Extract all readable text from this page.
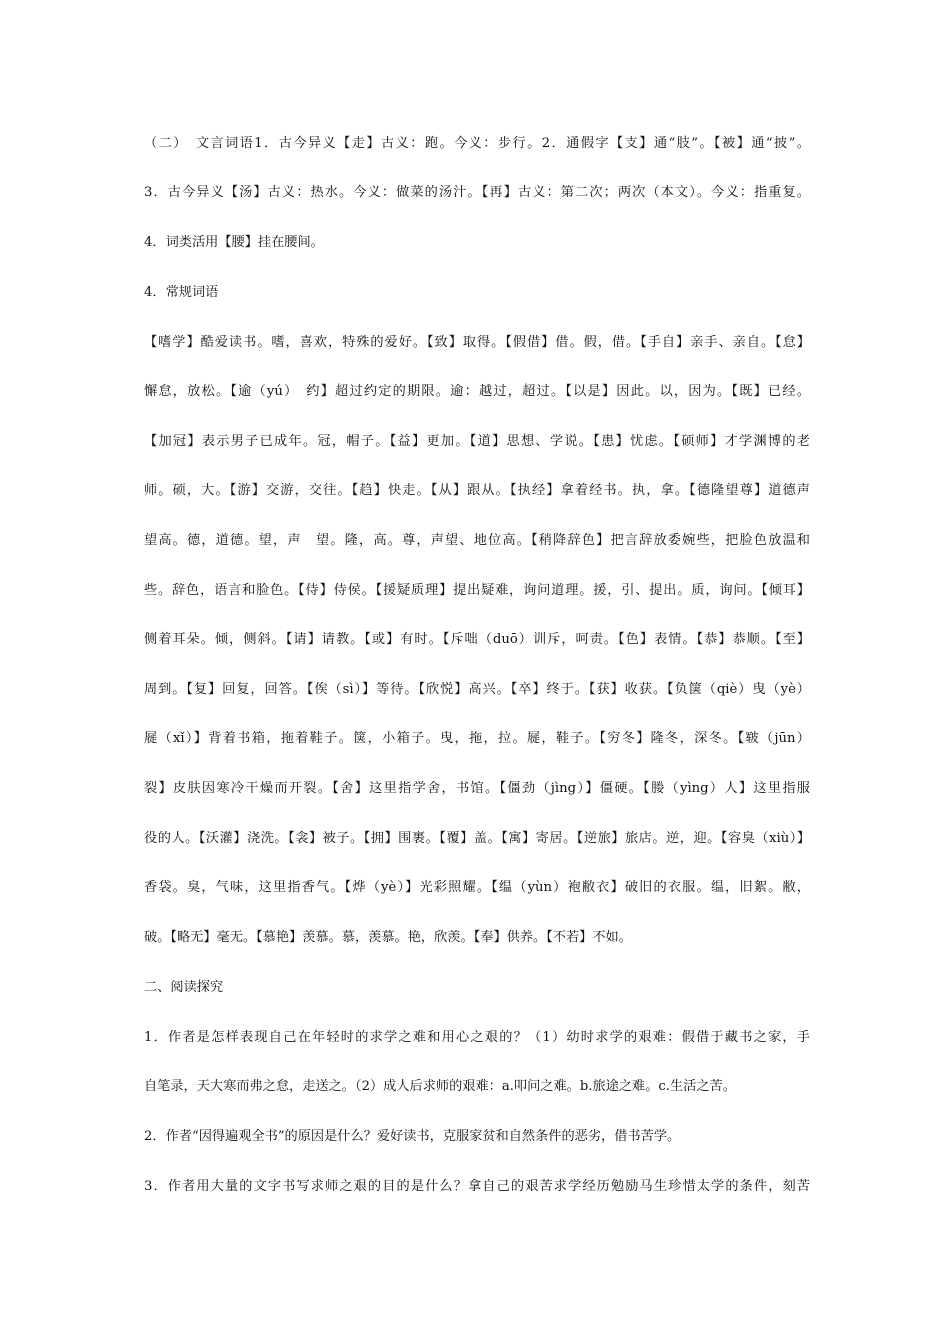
（二）　文言词语1．古今异义【走】古义：跑。今义：步行。2．通假字【支】通“肢”。【被】通“披”。
3．古今异义【汤】古义：热水。今义：做菜的汤汁。【再】古义：第二次；两次（本文）。今义：指重复。
4．词类活用【腰】挂在腰间。
4．常规词语
【嗜学】酷爱读书。嗜，喜欢，特殊的爱好。【致】取得。【假借】借。假，借。【手自】亲手、亲自。【怠】
懈怠，放松。【逾（yú）　约】超过约定的期限。逾：越过，超过。【以是】因此。以，因为。【既】已经。
【加冠】表示男子已成年。冠，帽子。【益】更加。【道】思想、学说。【患】忧虑。【硕师】才学渊博的老
师。硕，大。【游】交游，交往。【趋】快走。【从】跟从。【执经】拿着经书。执，拿。【德隆望尊】道德声
望高。德，道德。望，声　望。隆，高。尊，声望、地位高。【稍降辞色】把言辞放委婉些，把脸色放温和
些。辞色，语言和脸色。【侍】侍侯。【援疑质理】提出疑难，询问道理。援，引、提出。质，询问。【倾耳】
侧着耳朵。倾，侧斜。【请】请教。【或】有时。【斥咄（duō）训斥，呵责。【色】表情。【恭】恭顺。【至】
周到。【复】回复，回答。【俟（sì）】等待。【欣悦】高兴。【卒】终于。【获】收获。【负箧（qiè）曳（yè）
屣（xǐ）】背着书箱，拖着鞋子。箧，小箱子。曳，拖，拉。屣，鞋子。【穷冬】隆冬，深冬。【皲（jūn）
裂】皮肤因寒冷干燥而开裂。【舍】这里指学舍，书馆。【僵劲（jìng）】僵硬。【媵（yìng）人】这里指服
役的人。【沃灌】浇洗。【衾】被子。【拥】围裹。【覆】盖。【寓】寄居。【逆旅】旅店。逆，迎。【容臭（xiù）】
香袋。臭，气味，这里指香气。【烨（yè）】光彩照耀。【缊（yùn）袍敝衣】破旧的衣服。缊，旧絮。敝，
破。【略无】毫无。【慕艳】羡慕。慕，羡慕。艳，欣羡。【奉】供养。【不若】不如。
二、阅读探究
1．作者是怎样表现自己在年轻时的求学之难和用心之艰的？（1）幼时求学的艰难：假借于藏书之家，手
自笔录，天大寒而弗之怠，走送之。（2）成人后求师的艰难：a.叩问之难。b.旅途之难。c.生活之苦。
2．作者“因得遍观全书”的原因是什么？爱好读书，克服家贫和自然条件的恶劣，借书苦学。
3．作者用大量的文字书写求师之艰的目的是什么？拿自己的艰苦求学经历勉励马生珍惜太学的条件，刻苦
